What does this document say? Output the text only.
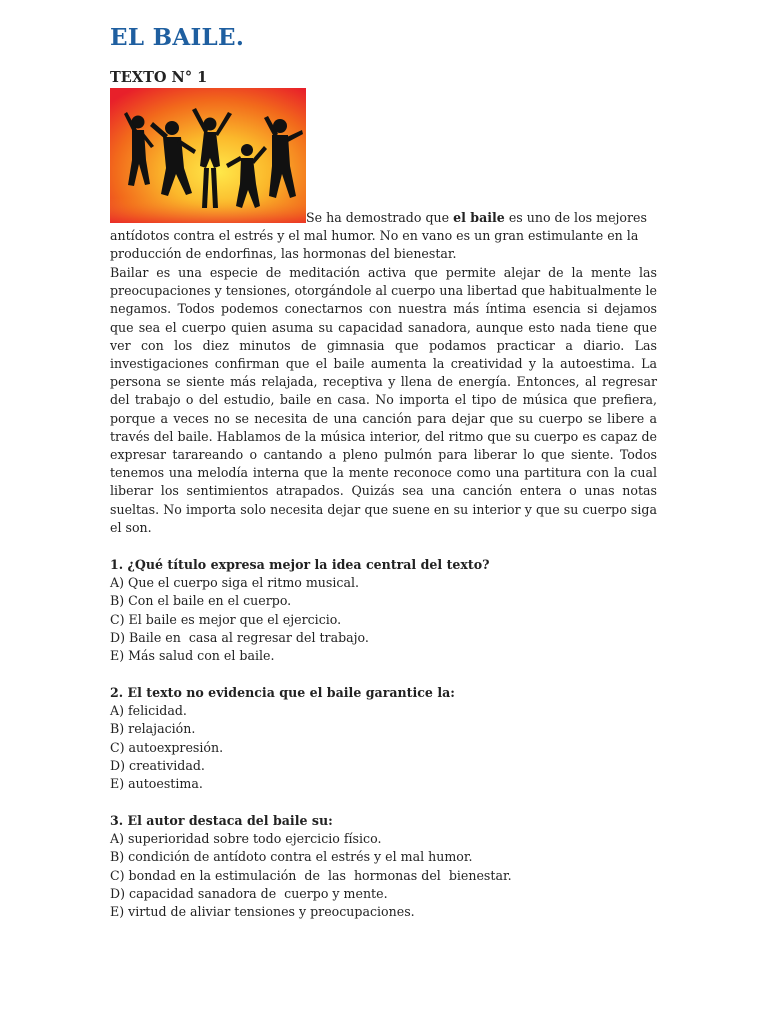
EL BAILE.
TEXTO N° 1

Se ha demostrado que el baile es uno de los mejores antídotos contra el estrés y el mal humor. No en vano es un gran estimulante en la producción de endorfinas, las hormonas del bienestar.

Bailar es una especie de meditación activa que permite alejar de la mente las preocupaciones y tensiones, otorgándole al cuerpo una libertad que habitualmente le negamos. Todos podemos conectarnos con nuestra más íntima esencia si dejamos que sea el cuerpo quien asuma su capacidad sanadora, aunque esto nada tiene que ver con los diez minutos de gimnasia que podamos practicar a diario. Las investigaciones confirman que el baile aumenta la creatividad y la autoestima. La persona se siente más relajada, receptiva y llena de energía. Entonces, al regresar del trabajo o del estudio, baile en casa. No importa el tipo de música que prefiera, porque a veces no se necesita de una canción para dejar que su cuerpo se libere a través del baile. Hablamos de la música interior, del ritmo que su cuerpo es capaz de expresar tarareando o cantando a pleno pulmón para liberar lo que siente. Todos tenemos una melodía interna que la mente reconoce como una partitura con la cual liberar los sentimientos atrapados. Quizás sea una canción entera o unas notas sueltas. No importa solo necesita dejar que suene en su interior y que su cuerpo siga el son.

1. ¿Qué título expresa mejor la idea central del texto?
A) Que el cuerpo siga el ritmo musical.
B) Con el baile en el cuerpo.
C) El baile es mejor que el ejercicio.
D) Baile en  casa al regresar del trabajo.
E) Más salud con el baile.
2. El texto no evidencia que el baile garantice la:
A) felicidad.
B) relajación.
C) autoexpresión.
D) creatividad.
E) autoestima.
3. El autor destaca del baile su:
A) superioridad sobre todo ejercicio físico.
B) condición de antídoto contra el estrés y el mal humor.
C) bondad en la estimulación  de  las  hormonas del  bienestar.
D) capacidad sanadora de  cuerpo y mente.
E) virtud de aliviar tensiones y preocupaciones.
